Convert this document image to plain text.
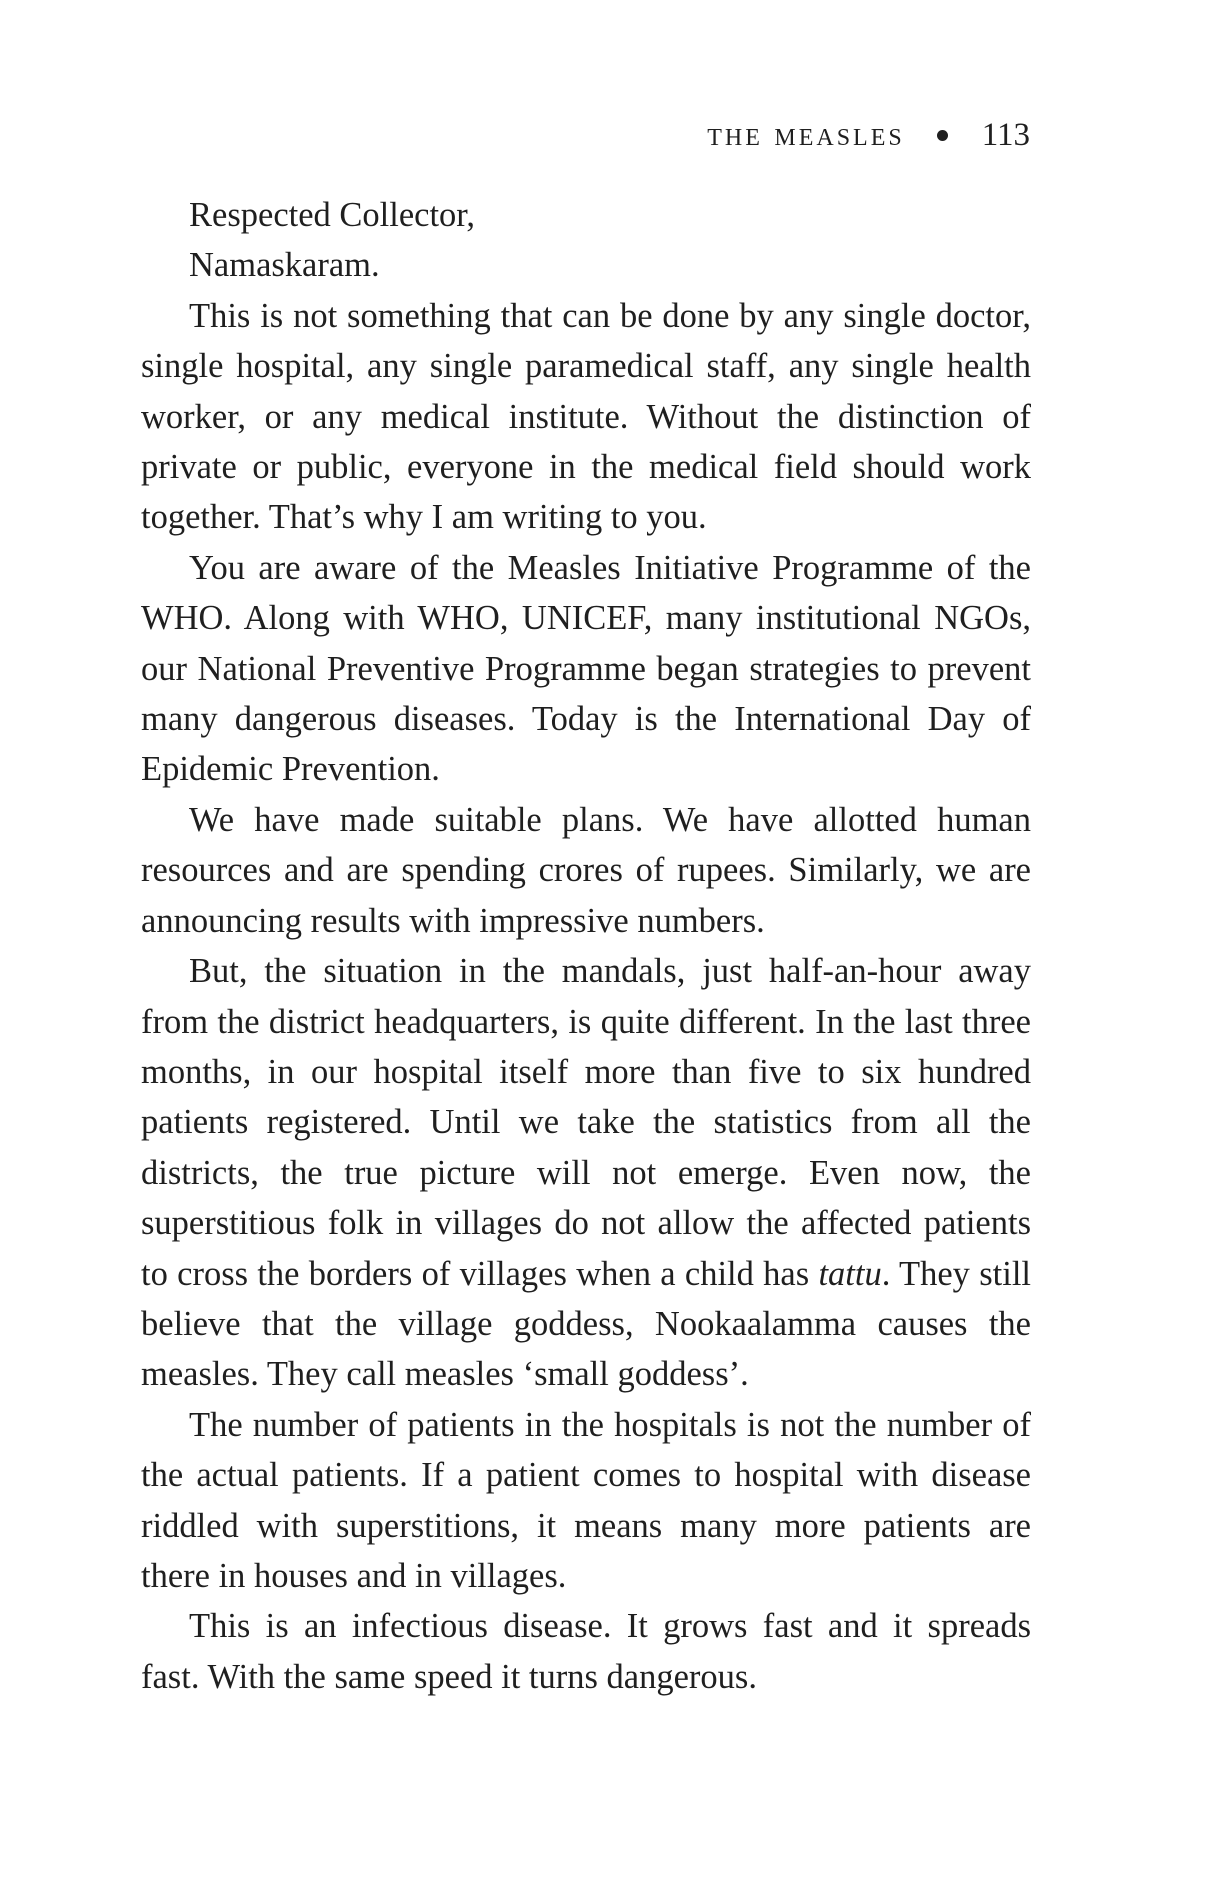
the measles 113

Respected Collector,

Namaskaram.

This is not something that can be done by any single doctor, single hospital, any single paramedical staff, any single health worker, or any medical institute. Without the distinction of private or public, everyone in the medical field should work together. That’s why I am writing to you.

You are aware of the Measles Initiative Programme of the WHO. Along with WHO, UNICEF, many institutional NGOs, our National Preventive Programme began strategies to prevent many dangerous diseases. Today is the International Day of Epidemic Prevention.

We have made suitable plans. We have allotted human resources and are spending crores of rupees. Similarly, we are announcing results with impressive numbers.

But, the situation in the mandals, just half-an-hour away from the district headquarters, is quite different. In the last three months, in our hospital itself more than five to six hundred patients registered. Until we take the statistics from all the districts, the true picture will not emerge. Even now, the superstitious folk in villages do not allow the affected patients to cross the borders of villages when a child has tattu. They still believe that the village goddess, Nookaalamma causes the measles. They call measles ‘small goddess’.

The number of patients in the hospitals is not the number of the actual patients. If a patient comes to hospital with disease riddled with superstitions, it means many more patients are there in houses and in villages.

This is an infectious disease. It grows fast and it spreads fast. With the same speed it turns dangerous.
